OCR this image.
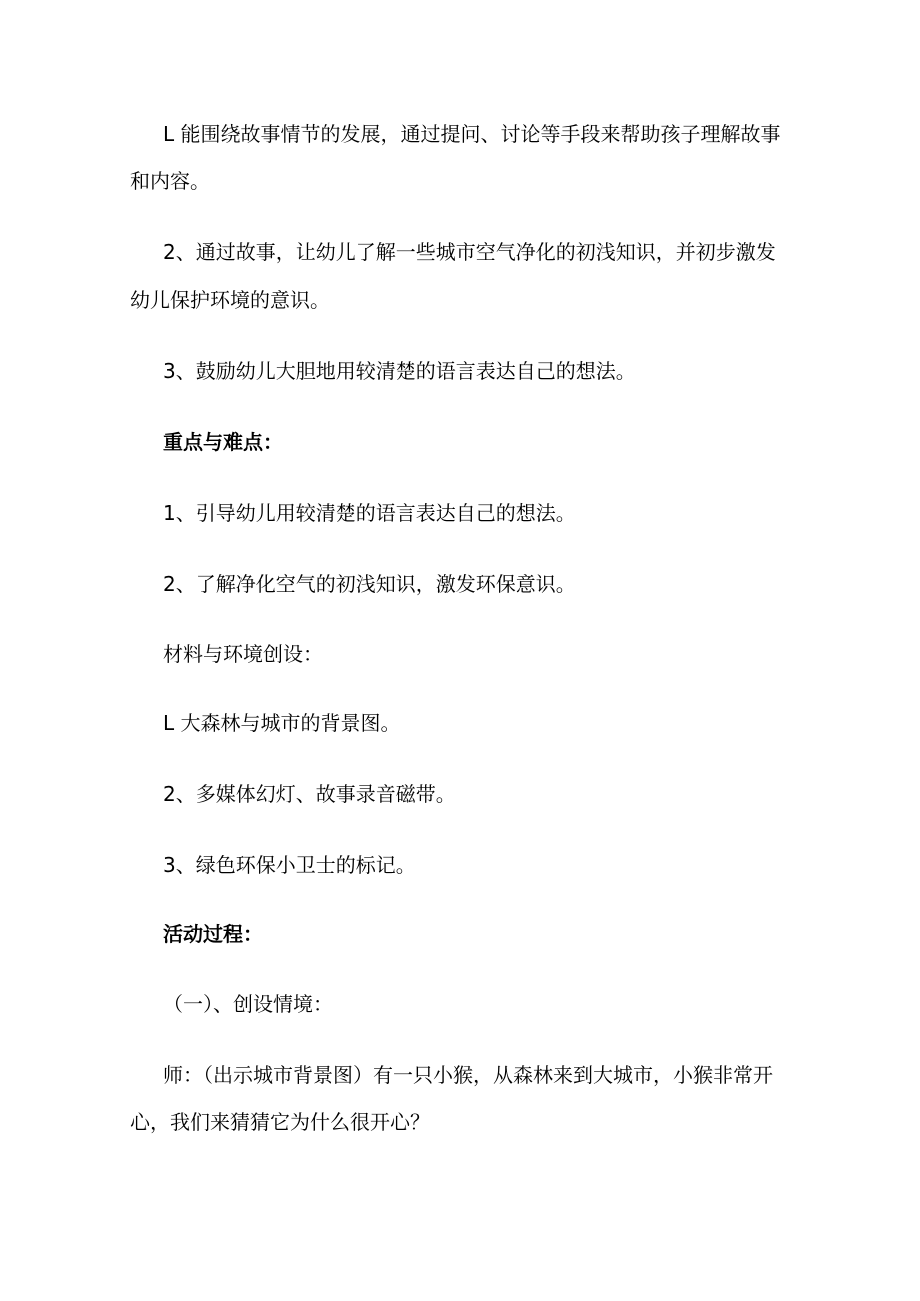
L 能围绕故事情节的发展，通过提问、讨论等手段来帮助孩子理解故事
和内容。
2、通过故事，让幼儿了解一些城市空气净化的初浅知识，并初步激发
幼儿保护环境的意识。
3、鼓励幼儿大胆地用较清楚的语言表达自己的想法。
重点与难点：
1、引导幼儿用较清楚的语言表达自己的想法。
2、了解净化空气的初浅知识，激发环保意识。
材料与环境创设：
L 大森林与城市的背景图。
2、多媒体幻灯、故事录音磁带。
3、绿色环保小卫士的标记。
活动过程：
（一）、创设情境：
师：（出示城市背景图）有一只小猴，从森林来到大城市，小猴非常开
心，我们来猜猜它为什么很开心？
